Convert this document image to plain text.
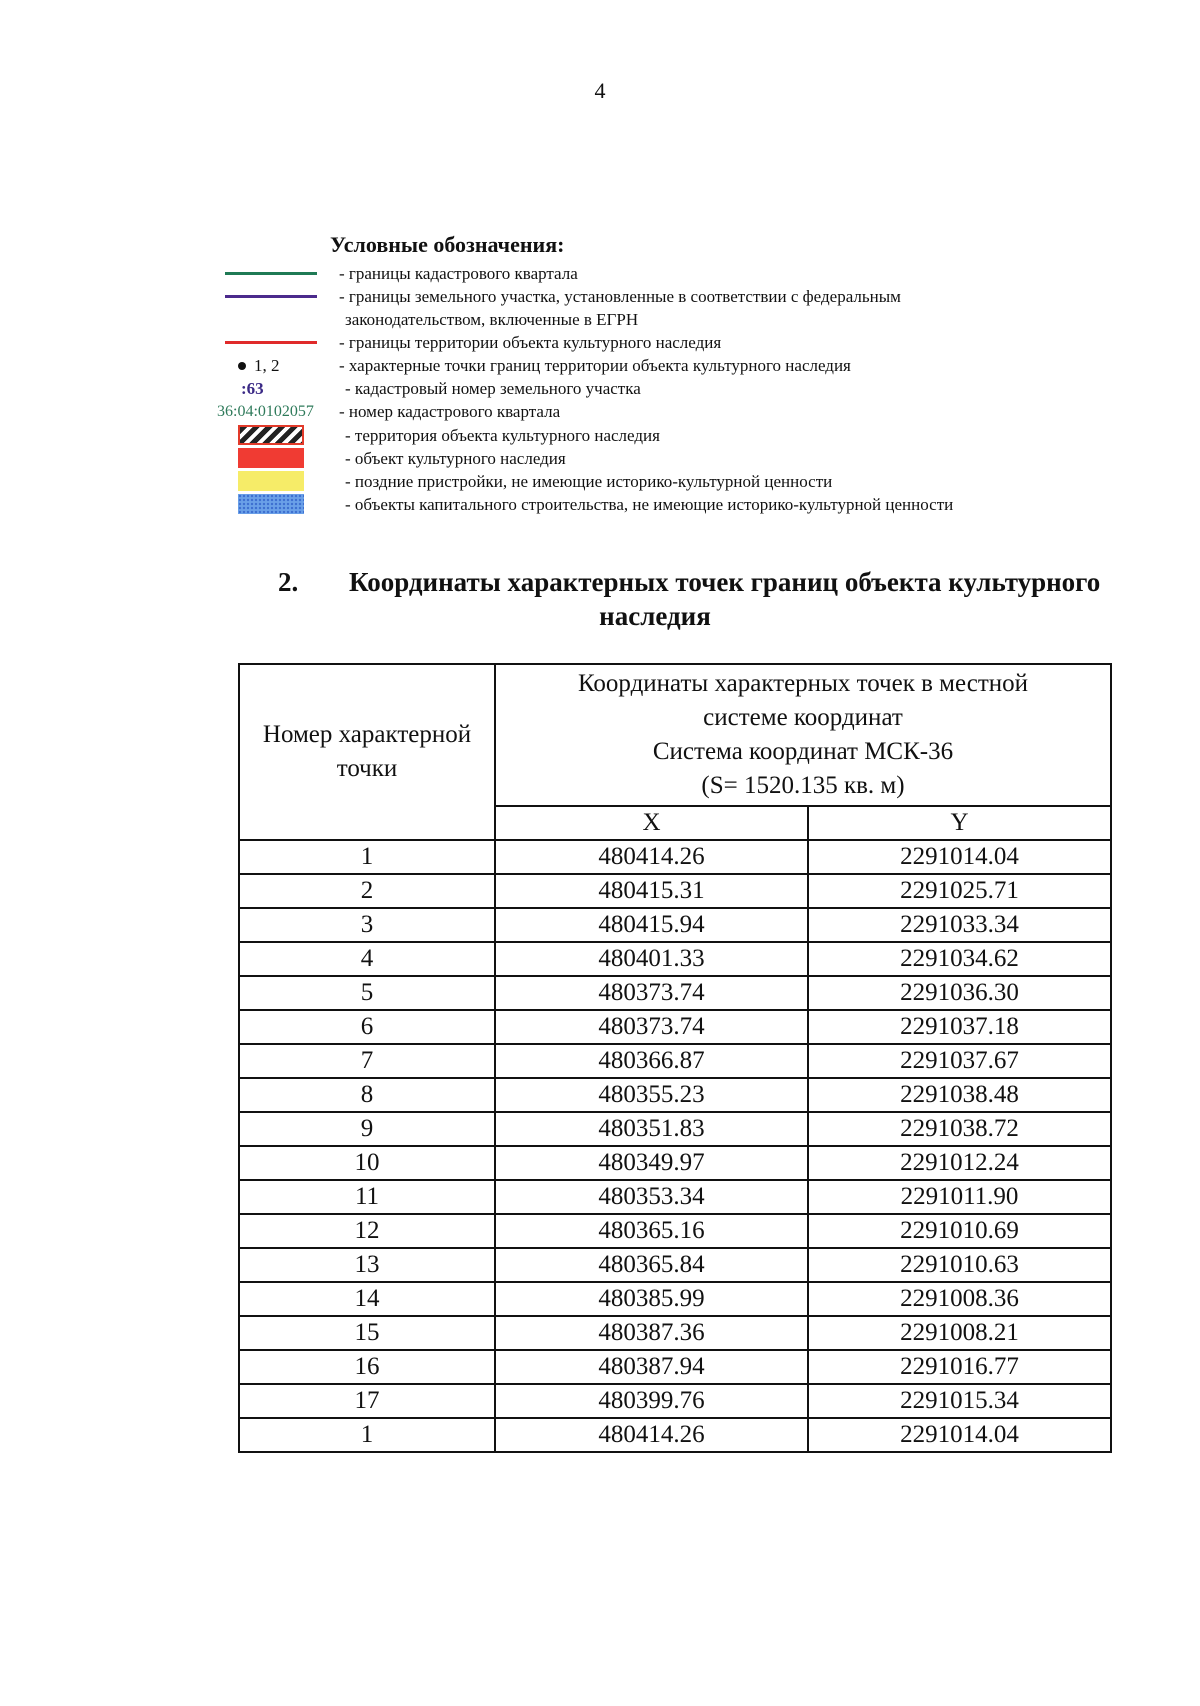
4
Условные обозначения:
- границы кадастрового квартала
- границы земельного участка, установленные в соответствии с федеральным
законодательством, включенные в ЕГРН
- границы территории объекта культурного наследия
1, 2	- характерные точки границ территории объекта культурного наследия
:63	- кадастровый номер земельного участка
36:04:0102057 - номер кадастрового квартала
- территория объекта культурного наследия
- объект культурного наследия
- поздние пристройки, не имеющие историко-культурной ценности
- объекты капитального строительства, не имеющие историко-культурной ценности
2. Координаты характерных точек границ объекта культурного
наследия
Номер характерной точки	Координаты характерных точек в местной
системе координат
Система координат МСК-36
(S= 1520.135 кв. м)	

	X	Y
1	480414.26	2291014.04
2	480415.31	2291025.71
3	480415.94	2291033.34
4	480401.33	2291034.62
5	480373.74	2291036.30
6	480373.74	2291037.18
7	480366.87	2291037.67
8	480355.23	2291038.48
9	480351.83	2291038.72
10	480349.97	2291012.24
11	480353.34	2291011.90
12	480365.16	2291010.69
13	480365.84	2291010.63
14	480385.99	2291008.36
15	480387.36	2291008.21
16	480387.94	2291016.77
17	480399.76	2291015.34
1	480414.26	2291014.04
